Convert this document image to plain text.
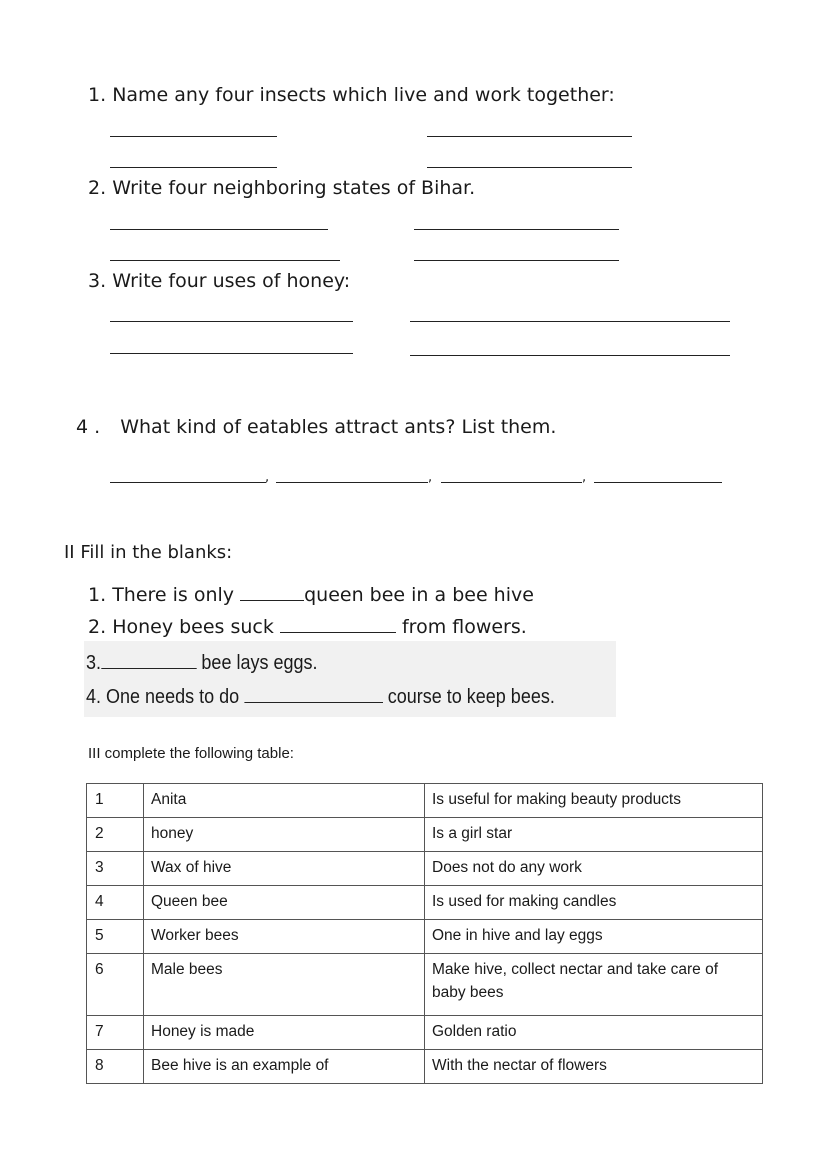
1. Name any four insects which live and work together:
2. Write four neighboring states of Bihar.
3. Write four uses of honey:
4 . What kind of eatables attract ants? List them.
,	,	,
II Fill in the blanks:
1. There is only	queen bee in a bee hive
2. Honey bees suck	from flowers.
3.	bee lays eggs.
4. One needs to do	course to keep bees.
III complete the following table:
1	Anita	Is useful for making beauty products
2	honey	Is a girl star
3	Wax of hive	Does not do any work
4	Queen bee	Is used for making candles
5	Worker bees	One in hive and lay eggs
6	Male bees	Make hive, collect nectar and take care of baby bees
7	Honey is made	Golden ratio
8	Bee hive is an example of	With the nectar of flowers
